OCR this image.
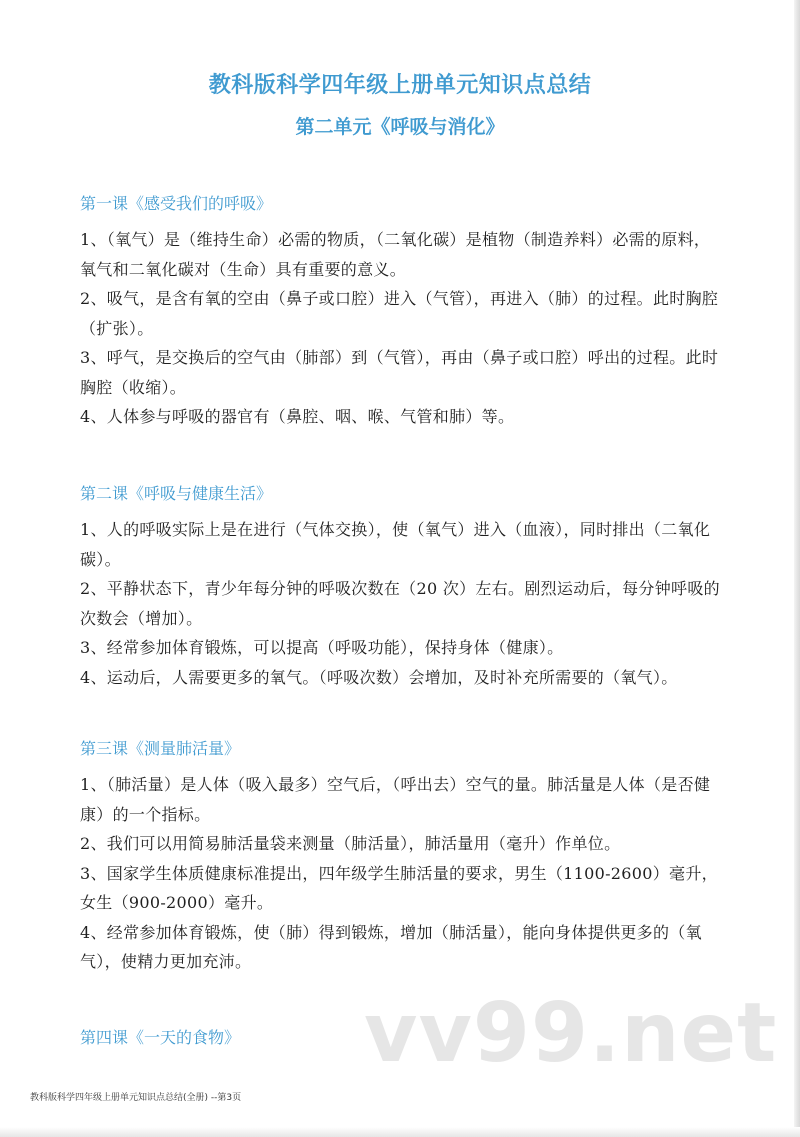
教科版科学四年级上册单元知识点总结
第二单元《呼吸与消化》
第一课《感受我们的呼吸》

1、（氧气）是（维持生命）必需的物质，（二氧化碳）是植物（制造养料）必需的原料，氧气和二氧化碳对（生命）具有重要的意义。

2、吸气，是含有氧的空由（鼻子或口腔）进入（气管），再进入（肺）的过程。此时胸腔（扩张）。

3、呼气，是交换后的空气由（肺部）到（气管），再由（鼻子或口腔）呼出的过程。此时胸腔（收缩）。

4、人体参与呼吸的器官有（鼻腔、咽、喉、气管和肺）等。

第二课《呼吸与健康生活》

1、人的呼吸实际上是在进行（气体交换），使（氧气）进入（血液），同时排出（二氧化碳）。

2、平静状态下，青少年每分钟的呼吸次数在（20 次）左右。剧烈运动后，每分钟呼吸的次数会（增加）。

3、经常参加体育锻炼，可以提高（呼吸功能），保持身体（健康）。

4、运动后，人需要更多的氧气。（呼吸次数）会增加，及时补充所需要的（氧气）。

第三课《测量肺活量》

1、（肺活量）是人体（吸入最多）空气后，（呼出去）空气的量。肺活量是人体（是否健康）的一个指标。

2、我们可以用简易肺活量袋来测量（肺活量），肺活量用（毫升）作单位。

3、国家学生体质健康标准提出，四年级学生肺活量的要求，男生（1100-2600）毫升，女生（900-2000）毫升。

4、经常参加体育锻炼，使（肺）得到锻炼，增加（肺活量），能向身体提供更多的（氧气），使精力更加充沛。

第四课《一天的食物》	vv99.net
教科版科学四年级上册单元知识点总结(全册) --第3页
